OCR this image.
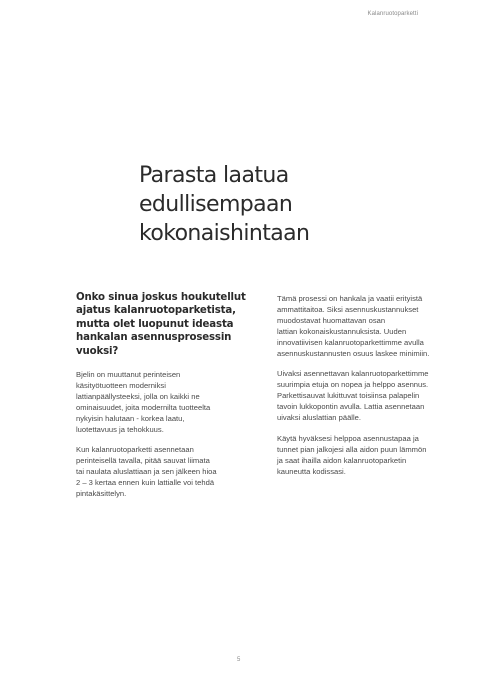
Kalanruotoparketti
Parasta laatua
edullisempaan
kokonaishintaan
Onko sinua joskus houkutellut
ajatus kalanruotoparketista,
mutta olet luopunut ideasta
hankalan asennusprosessin
vuoksi?

Bjelin on muuttanut perinteisen
käsityötuotteen moderniksi
lattianpäällysteeksi, jolla on kaikki ne
ominaisuudet, joita modernilta tuotteelta
nykyisin halutaan - korkea laatu,
luotettavuus ja tehokkuus.

Kun kalanruotoparketti asennetaan
perinteisellä tavalla, pitää sauvat liimata
tai naulata aluslattiaan ja sen jälkeen hioa
2 – 3 kertaa ennen kuin lattialle voi tehdä
pintakäsittelyn.

Tämä prosessi on hankala ja vaatii erityistä
ammattitaitoa. Siksi asennuskustannukset
muodostavat huomattavan osan
lattian kokonaiskustannuksista. Uuden
innovatiivisen kalanruotoparkettimme avulla
asennuskustannusten osuus laskee minimiin.

Uivaksi asennettavan kalanruotoparkettimme
suurimpia etuja on nopea ja helppo asennus.
Parkettisauvat lukittuvat toisiinsa palapelin
tavoin lukkopontin avulla. Lattia asennetaan
uivaksi aluslattian päälle.

Käytä hyväksesi helppoa asennustapaa ja
tunnet pian jalkojesi alla aidon puun lämmön
ja saat ihailla aidon kalanruotoparketin
kauneutta kodissasi.

5
